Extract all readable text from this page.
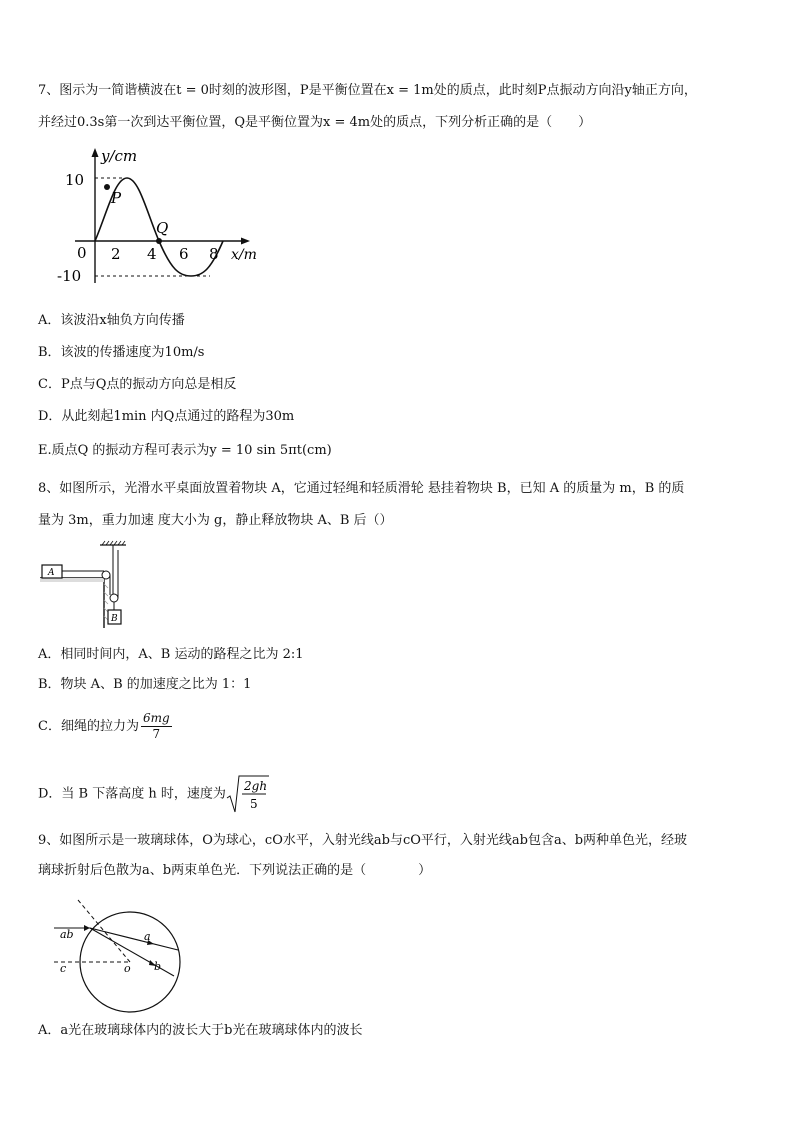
7、图示为一简谐横波在t = 0时刻的波形图，P是平衡位置在x = 1m处的质点，此时刻P点振动方向沿y轴正方向，
并经过0.3s第一次到达平衡位置，Q是平衡位置为x = 4m处的质点，下列分析正确的是（　　）
y/cm
10
-10
0 2 4 6 8 x/m
P
Q
A．该波沿x轴负方向传播
B．该波的传播速度为10m/s
C．P点与Q点的振动方向总是相反
D．从此刻起1min 内Q点通过的路程为30m
E.质点Q 的振动方程可表示为y = 10 sin 5πt(cm)
8、如图所示，光滑水平桌面放置着物块 A，它通过轻绳和轻质滑轮 悬挂着物块 B，已知 A 的质量为 m，B 的质
量为 3m，重力加速 度大小为 g，静止释放物块 A、B 后（）
A
B
A．相同时间内，A、B 运动的路程之比为 2:1
B．物块 A、B 的加速度之比为 1：1
C．细绳的拉力为 $\frac{6mg}{7}$
D．当 B 下落高度 h 时，速度为
2gh
5
9、如图所示是一玻璃球体，O为球心，cO水平，入射光线ab与cO平行，入射光线ab包含a、b两种单色光，经玻
璃球折射后色散为a、b两束单色光．下列说法正确的是（　　　　）
ab	a
b
c	o
A．a光在玻璃球体内的波长大于b光在玻璃球体内的波长
